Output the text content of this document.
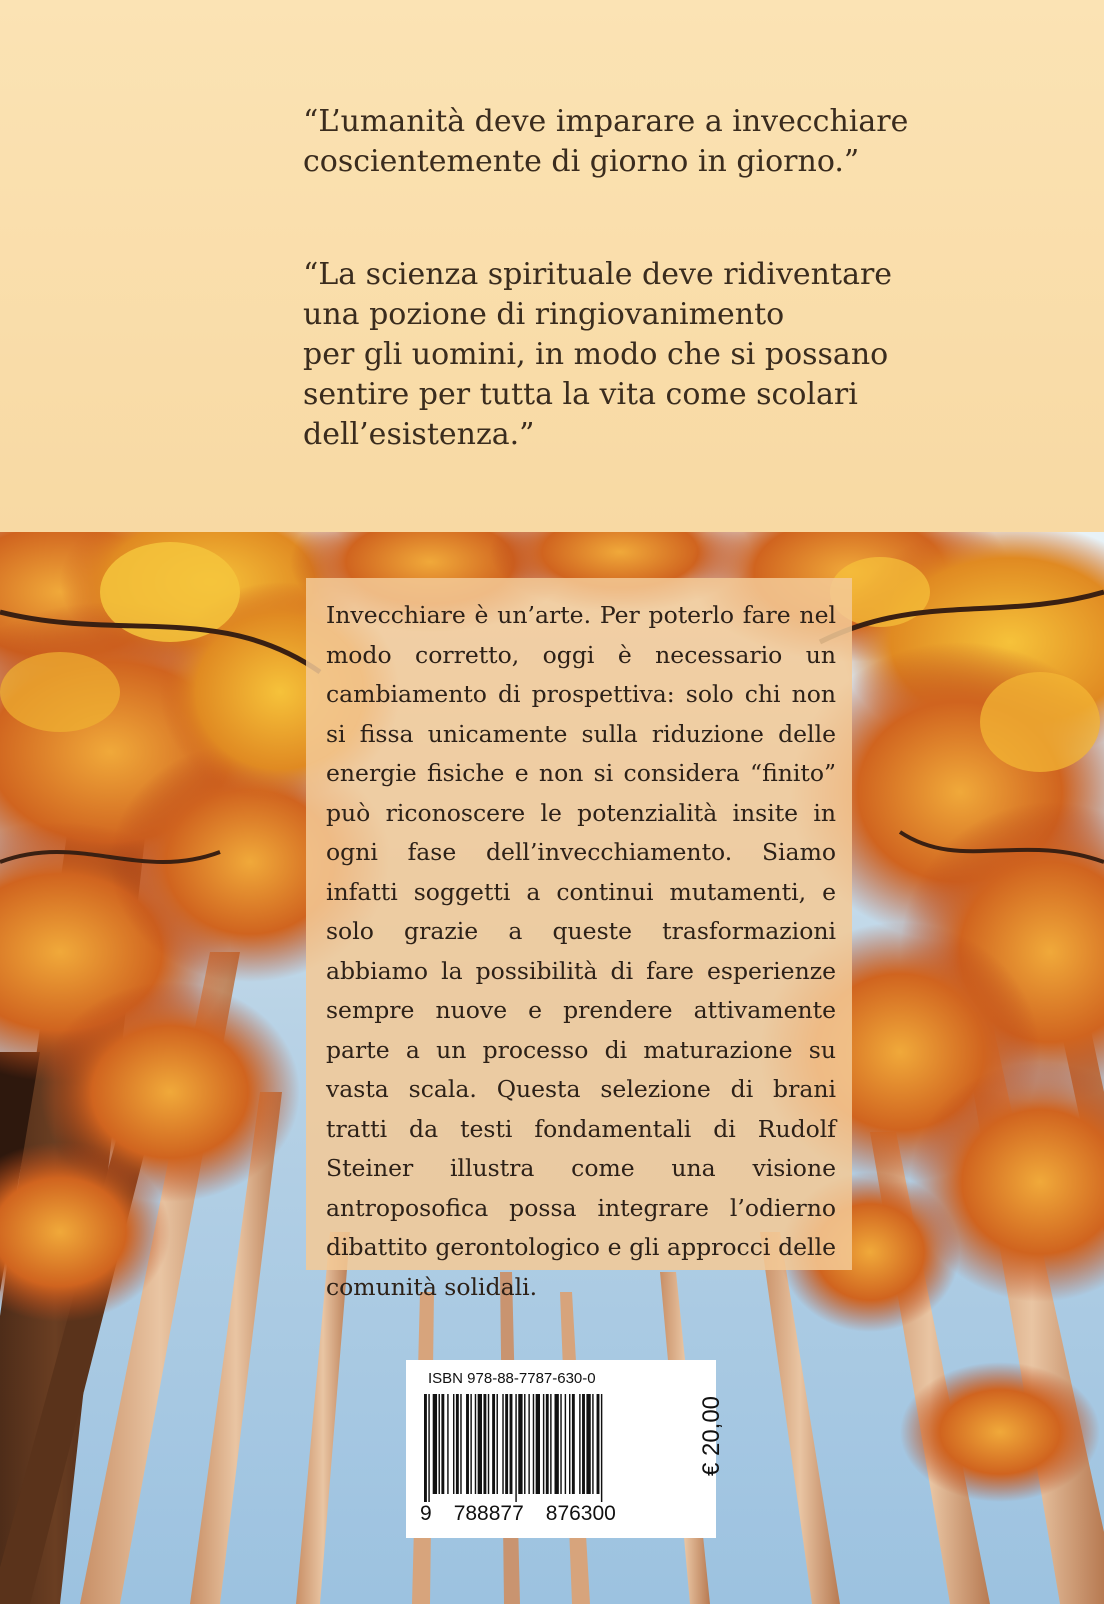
“L’umanità deve imparare a invecchiare
coscientemente di giorno in giorno.”

“La scienza spirituale deve ridiventare
una pozione di ringiovanimento
per gli uomini, in modo che si possano
sentire per tutta la vita come scolari
dell’esistenza.”

Invecchiare è un’arte. Per poterlo fare nel modo corretto, oggi è necessario un cambiamento di prospettiva: solo chi non si fissa unicamente sulla riduzione delle energie fisiche e non si considera “finito” può riconoscere le potenzialità insite in ogni fase dell’invecchiamento. Siamo infatti soggetti a continui mutamenti, e solo grazie a queste trasformazioni abbiamo la possibilità di fare esperienze sempre nuove e prendere attivamente parte a un processo di maturazione su vasta scala. Questa selezione di brani tratti da testi fondamentali di Rudolf Steiner illustra come una visione antroposofica possa integrare l’odierno dibattito gerontologico e gli approcci delle comunità solidali.

ISBN 978-88-7787-630-0

9 788877 876300

€ 20,00
